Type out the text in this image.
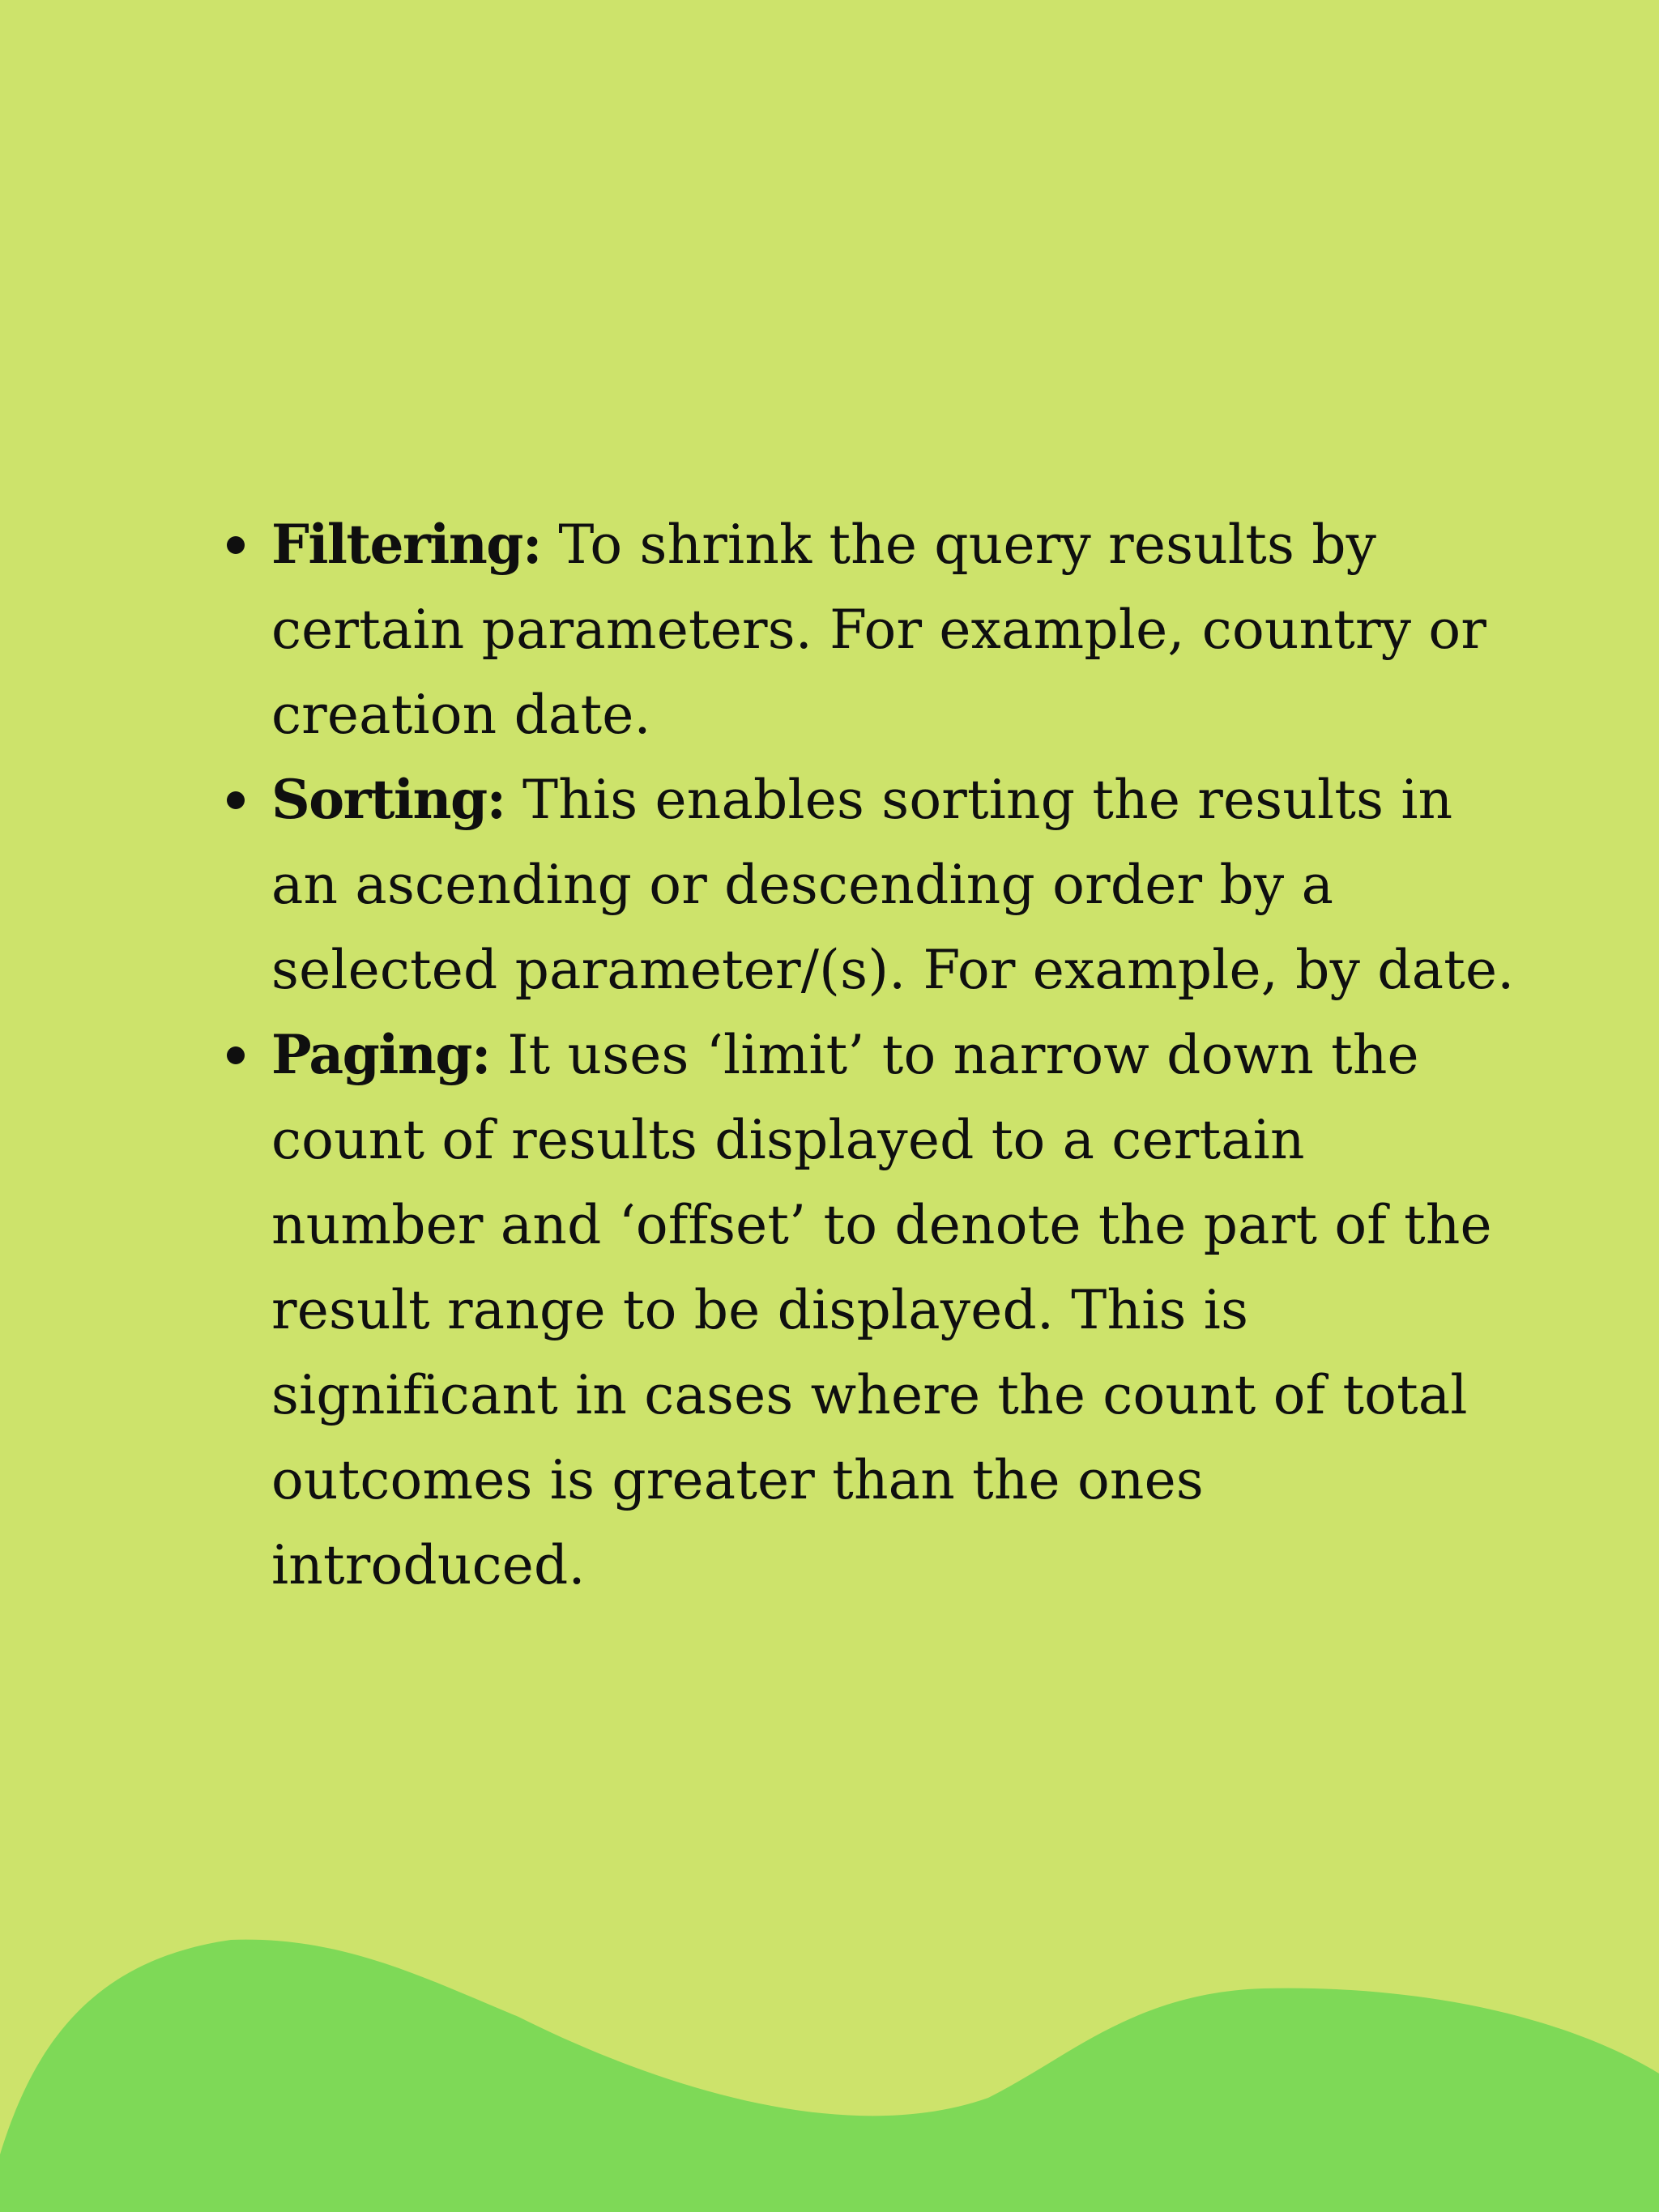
Filtering: To shrink the query results by certain parameters. For example, country or creation date.
Sorting: This enables sorting the results in an ascending or descending order by a selected parameter/(s). For example, by date.
Paging: It uses ‘limit’ to narrow down the count of results displayed to a certain number and ‘offset’ to denote the part of the result range to be displayed. This is significant in cases where the count of total outcomes is greater than the ones introduced.
